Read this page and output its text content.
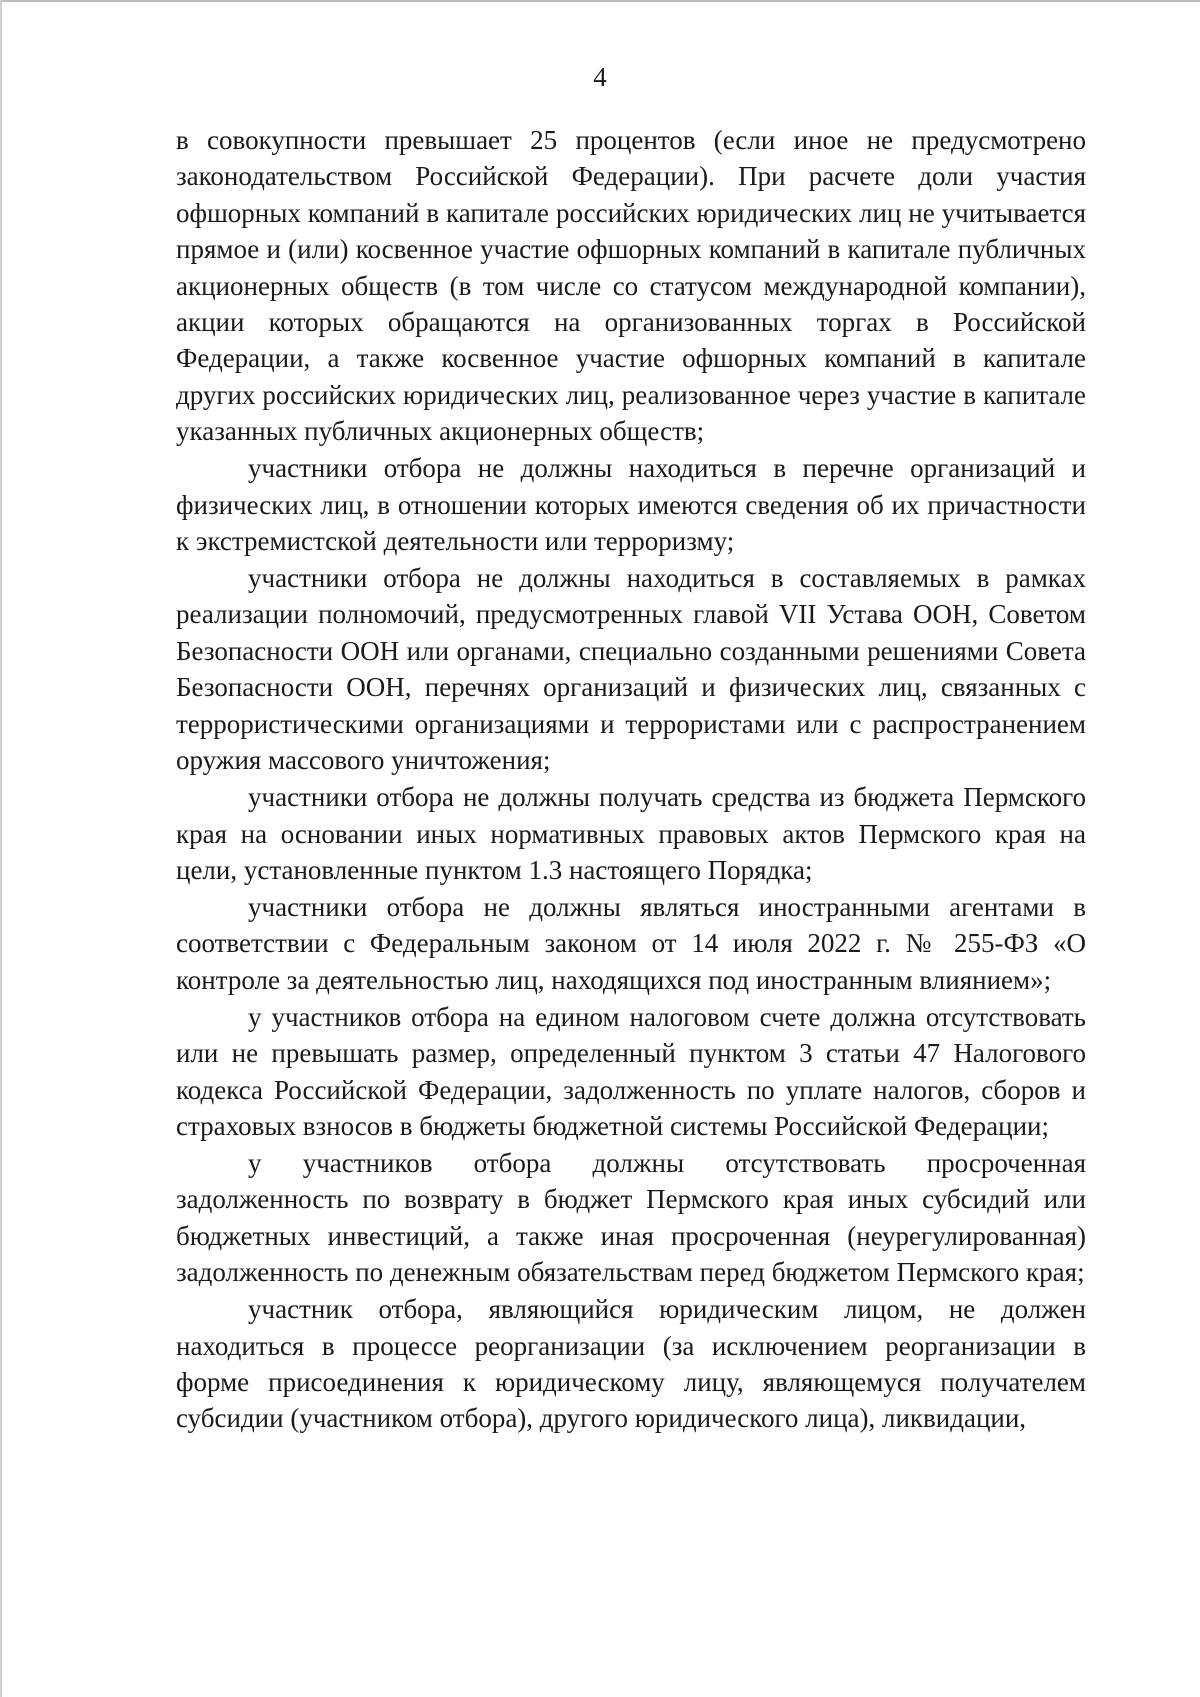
4

в совокупности превышает 25 процентов (если иное не предусмотрено законодательством Российской Федерации). При расчете доли участия офшорных компаний в капитале российских юридических лиц не учитывается прямое и (или) косвенное участие офшорных компаний в капитале публичных акционерных обществ (в том числе со статусом международной компании), акции которых обращаются на организованных торгах в Российской Федерации, а также косвенное участие офшорных компаний в капитале других российских юридических лиц, реализованное через участие в капитале указанных публичных акционерных обществ;

участники отбора не должны находиться в перечне организаций и физических лиц, в отношении которых имеются сведения об их причастности к экстремистской деятельности или терроризму;

участники отбора не должны находиться в составляемых в рамках реализации полномочий, предусмотренных главой VII Устава ООН, Советом Безопасности ООН или органами, специально созданными решениями Совета Безопасности ООН, перечнях организаций и физических лиц, связанных с террористическими организациями и террористами или с распространением оружия массового уничтожения;

участники отбора не должны получать средства из бюджета Пермского края на основании иных нормативных правовых актов Пермского края на цели, установленные пунктом 1.3 настоящего Порядка;

участники отбора не должны являться иностранными агентами в соответствии с Федеральным законом от 14 июля 2022 г. № 255-ФЗ «О контроле за деятельностью лиц, находящихся под иностранным влиянием»;

у участников отбора на едином налоговом счете должна отсутствовать или не превышать размер, определенный пунктом 3 статьи 47 Налогового кодекса Российской Федерации, задолженность по уплате налогов, сборов и страховых взносов в бюджеты бюджетной системы Российской Федерации;

у участников отбора должны отсутствовать просроченная задолженность по возврату в бюджет Пермского края иных субсидий или бюджетных инвестиций, а также иная просроченная (неурегулированная) задолженность по денежным обязательствам перед бюджетом Пермского края;

участник отбора, являющийся юридическим лицом, не должен находиться в процессе реорганизации (за исключением реорганизации в форме присоединения к юридическому лицу, являющемуся получателем субсидии (участником отбора), другого юридического лица), ликвидации,
